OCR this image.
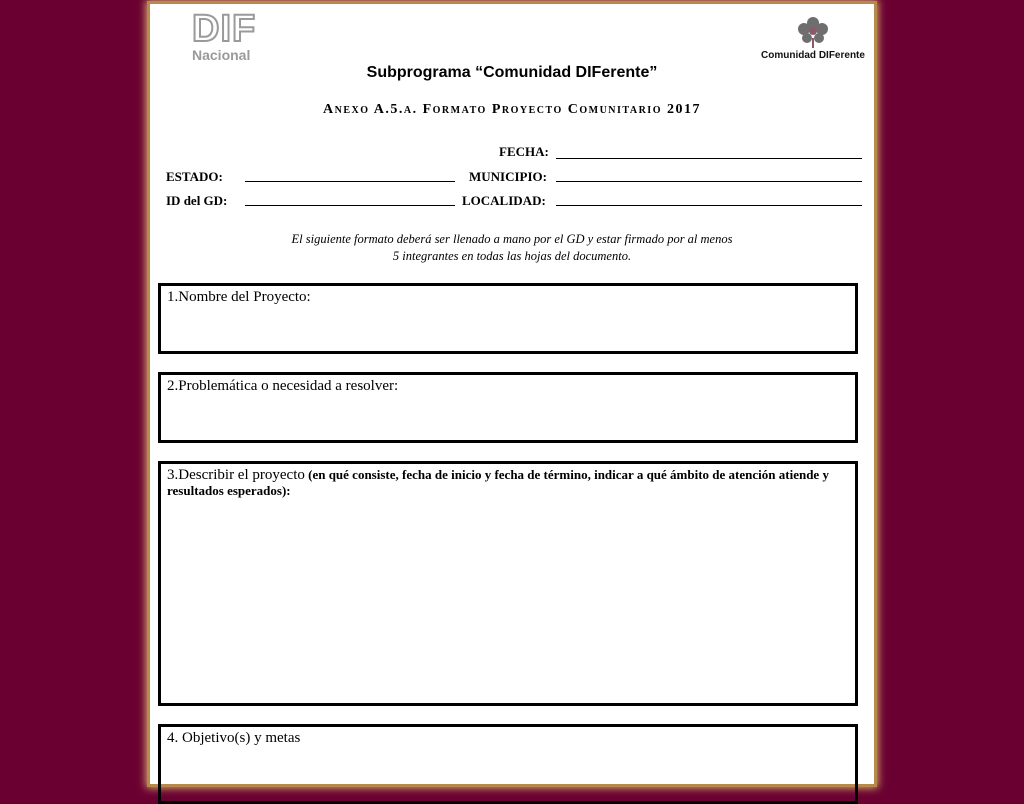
DIF
Nacional	Comunidad DIFerente
Subprograma “Comunidad DIFerente”
Anexo A.5.a. Formato Proyecto Comunitario 2017
FECHA:
ESTADO:	MUNICIPIO:
ID del GD:	LOCALIDAD:
El siguiente formato deberá ser llenado a mano por el GD y estar firmado por al menos
5 integrantes en todas las hojas del documento.
1.Nombre del Proyecto:
2.Problemática o necesidad a resolver:
3.Describir el proyecto (en qué consiste, fecha de inicio y fecha de término, indicar a qué ámbito de atención atiende y resultados esperados):
4. Objetivo(s) y metas
